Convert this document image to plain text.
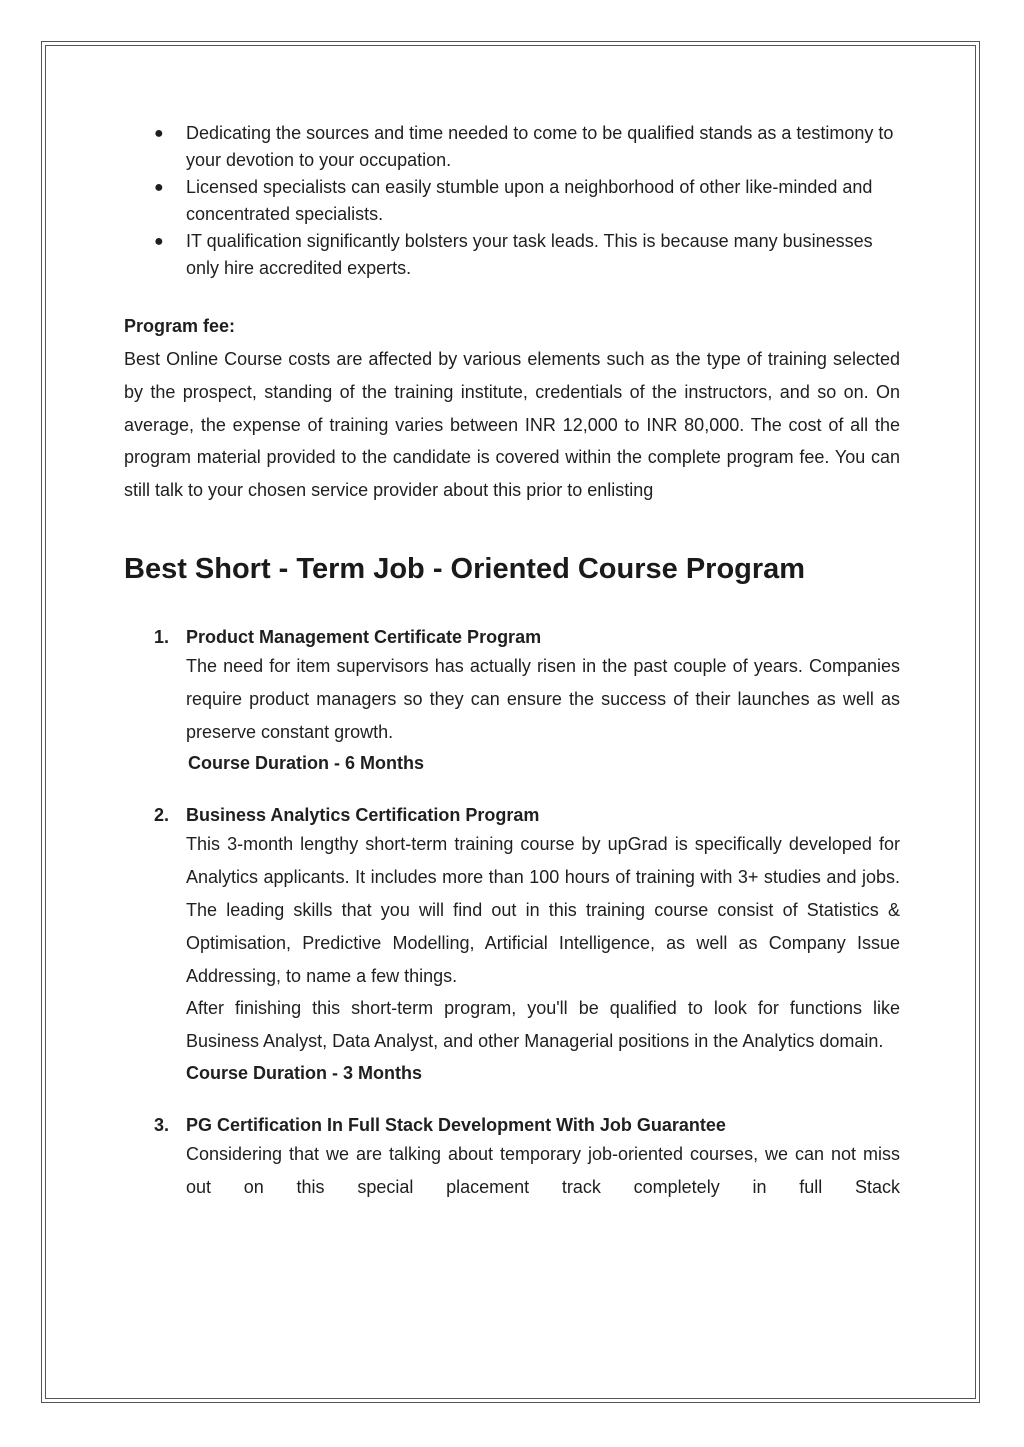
● Dedicating the sources and time needed to come to be qualified stands as a testimony to your devotion to your occupation.
● Licensed specialists can easily stumble upon a neighborhood of other like-minded and concentrated specialists.
● IT qualification significantly bolsters your task leads. This is because many businesses only hire accredited experts.
Program fee:

Best Online Course costs are affected by various elements such as the type of training selected by the prospect, standing of the training institute, credentials of the instructors, and so on. On average, the expense of training varies between INR 12,000 to INR 80,000. The cost of all the program material provided to the candidate is covered within the complete program fee. You can still talk to your chosen service provider about this prior to enlisting

Best Short - Term Job - Oriented Course Program
1. Product Management Certificate Program
The need for item supervisors has actually risen in the past couple of years. Companies require product managers so they can ensure the success of their launches as well as preserve constant growth.
Course Duration - 6 Months
2. Business Analytics Certification Program
This 3-month lengthy short-term training course by upGrad is specifically developed for Analytics applicants. It includes more than 100 hours of training with 3+ studies and jobs. The leading skills that you will find out in this training course consist of Statistics & Optimisation, Predictive Modelling, Artificial Intelligence, as well as Company Issue Addressing, to name a few things.
After finishing this short-term program, you'll be qualified to look for functions like Business Analyst, Data Analyst, and other Managerial positions in the Analytics domain.
Course Duration - 3 Months
3. PG Certification In Full Stack Development With Job Guarantee
Considering that we are talking about temporary job-oriented courses, we can not miss out on this special placement track completely in full Stack
